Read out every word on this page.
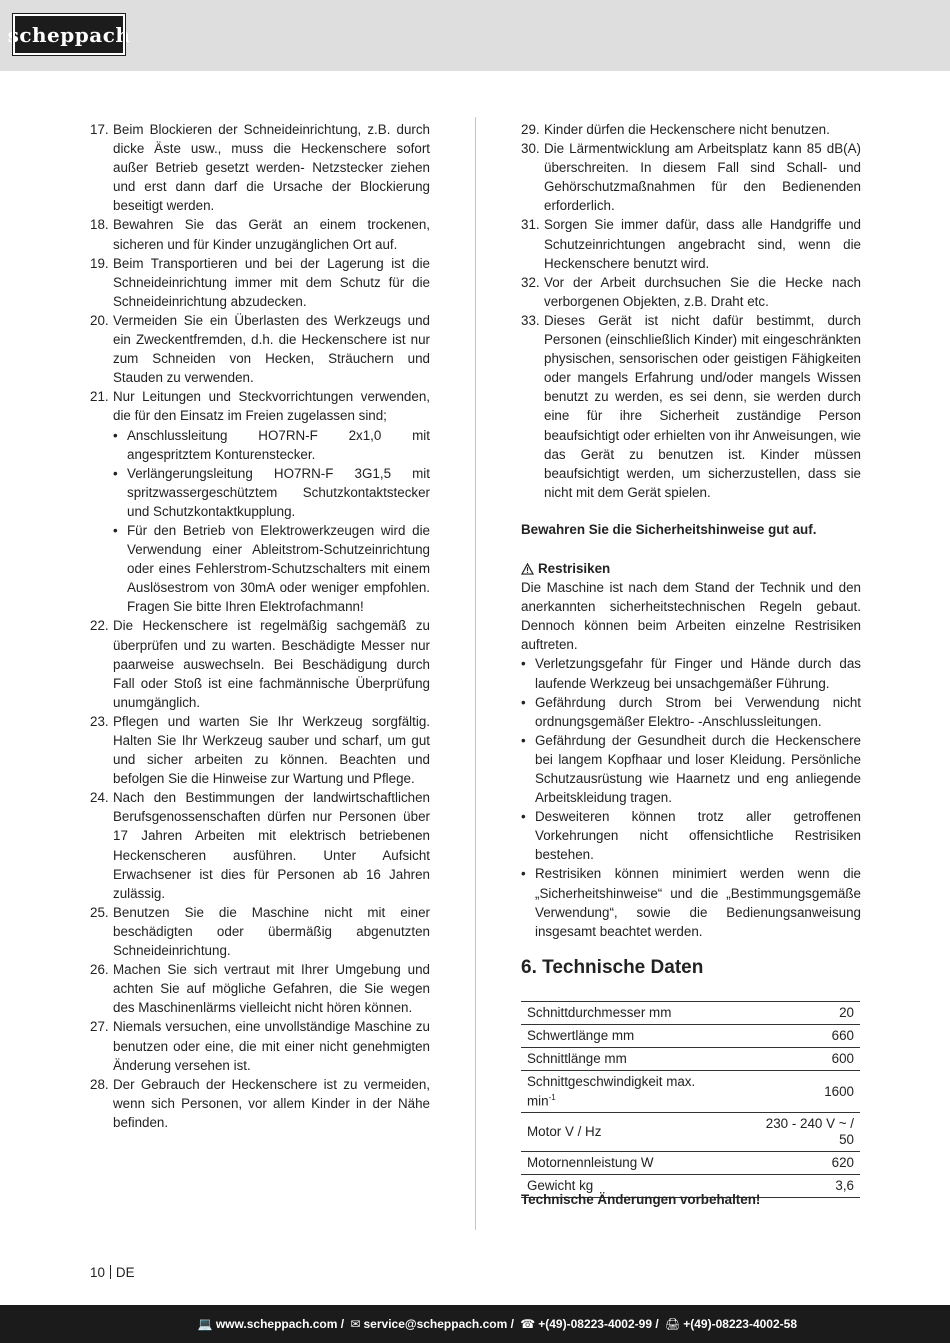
scheppach
17. Beim Blockieren der Schneideinrichtung, z.B. durch dicke Äste usw., muss die Heckenschere sofort außer Betrieb gesetzt werden- Netzstecker ziehen und erst dann darf die Ursache der Blockierung beseitigt werden.
18. Bewahren Sie das Gerät an einem trockenen, sicheren und für Kinder unzugänglichen Ort auf.
19. Beim Transportieren und bei der Lagerung ist die Schneideinrichtung immer mit dem Schutz für die Schneideinrichtung abzudecken.
20. Vermeiden Sie ein Überlasten des Werkzeugs und ein Zweckentfremden, d.h. die Heckenschere ist nur zum Schneiden von Hecken, Sträuchern und Stauden zu verwenden.
21. Nur Leitungen und Steckvorrichtungen verwenden, die für den Einsatz im Freien zugelassen sind;
• Anschlussleitung HO7RN-F 2x1,0 mit angespritztem Konturenstecker.
• Verlängerungsleitung HO7RN-F 3G1,5 mit spritzwassergeschütztem Schutzkontaktstecker und Schutzkontaktkupplung.
• Für den Betrieb von Elektrowerkzeugen wird die Verwendung einer Ableitstrom-Schutzeinrichtung oder eines Fehlerstrom-Schutzschalters mit einem Auslösestrom von 30mA oder weniger empfohlen. Fragen Sie bitte Ihren Elektrofachmann!
22. Die Heckenschere ist regelmäßig sachgemäß zu überprüfen und zu warten. Beschädigte Messer nur paarweise auswechseln. Bei Beschädigung durch Fall oder Stoß ist eine fachmännische Überprüfung unumgänglich.
23. Pflegen und warten Sie Ihr Werkzeug sorgfältig. Halten Sie Ihr Werkzeug sauber und scharf, um gut und sicher arbeiten zu können. Beachten und befolgen Sie die Hinweise zur Wartung und Pflege.
24. Nach den Bestimmungen der landwirtschaftlichen Berufsgenossenschaften dürfen nur Personen über 17 Jahren Arbeiten mit elektrisch betriebenen Heckenscheren ausführen. Unter Aufsicht Erwachsener ist dies für Personen ab 16 Jahren zulässig.
25. Benutzen Sie die Maschine nicht mit einer beschädigten oder übermäßig abgenutzten Schneideinrichtung.
26. Machen Sie sich vertraut mit Ihrer Umgebung und achten Sie auf mögliche Gefahren, die Sie wegen des Maschinenlärms vielleicht nicht hören können.
27. Niemals versuchen, eine unvollständige Maschine zu benutzen oder eine, die mit einer nicht genehmigten Änderung versehen ist.
28. Der Gebrauch der Heckenschere ist zu vermeiden, wenn sich Personen, vor allem Kinder in der Nähe befinden.
29. Kinder dürfen die Heckenschere nicht benutzen.
30. Die Lärmentwicklung am Arbeitsplatz kann 85 dB(A) überschreiten. In diesem Fall sind Schall- und Gehörschutzmaßnahmen für den Bedienenden erforderlich.
31. Sorgen Sie immer dafür, dass alle Handgriffe und Schutzeinrichtungen angebracht sind, wenn die Heckenschere benutzt wird.
32. Vor der Arbeit durchsuchen Sie die Hecke nach verborgenen Objekten, z.B. Draht etc.
33. Dieses Gerät ist nicht dafür bestimmt, durch Personen (einschließlich Kinder) mit eingeschränkten physischen, sensorischen oder geistigen Fähigkeiten oder mangels Erfahrung und/oder mangels Wissen benutzt zu werden, es sei denn, sie werden durch eine für ihre Sicherheit zuständige Person beaufsichtigt oder erhielten von ihr Anweisungen, wie das Gerät zu benutzen ist. Kinder müssen beaufsichtigt werden, um sicherzustellen, dass sie nicht mit dem Gerät spielen.
Bewahren Sie die Sicherheitshinweise gut auf.
Restrisiken
Die Maschine ist nach dem Stand der Technik und den anerkannten sicherheitstechnischen Regeln gebaut. Dennoch können beim Arbeiten einzelne Restrisiken auftreten.
• Verletzungsgefahr für Finger und Hände durch das laufende Werkzeug bei unsachgemäßer Führung.
• Gefährdung durch Strom bei Verwendung nicht ordnungsgemäßer Elektro- -Anschlussleitungen.
• Gefährdung der Gesundheit durch die Heckenschere bei langem Kopfhaar und loser Kleidung. Persönliche Schutzausrüstung wie Haarnetz und eng anliegende Arbeitskleidung tragen.
• Desweiteren können trotz aller getroffenen Vorkehrungen nicht offensichtliche Restrisiken bestehen.
• Restrisiken können minimiert werden wenn die „Sicherheitshinweise“ und die „Bestimmungsgemäße Verwendung“, sowie die Bedienungsanweisung insgesamt beachtet werden.
6. Technische Daten
Schnittdurchmesser mm	20
Schwertlänge mm	660
Schnittlänge mm	600
Schnittgeschwindigkeit max. $\min^{-1}$	1600
Motor V / Hz	230 - 240 V ~ / 50
Motornennleistung W	620
Gewicht kg	3,6
Technische Änderungen vorbehalten!
10 DE
💻 www.scheppach.com / ✉ service@scheppach.com / ☎ +(49)-08223-4002-99 / 🖨 +(49)-08223-4002-58
